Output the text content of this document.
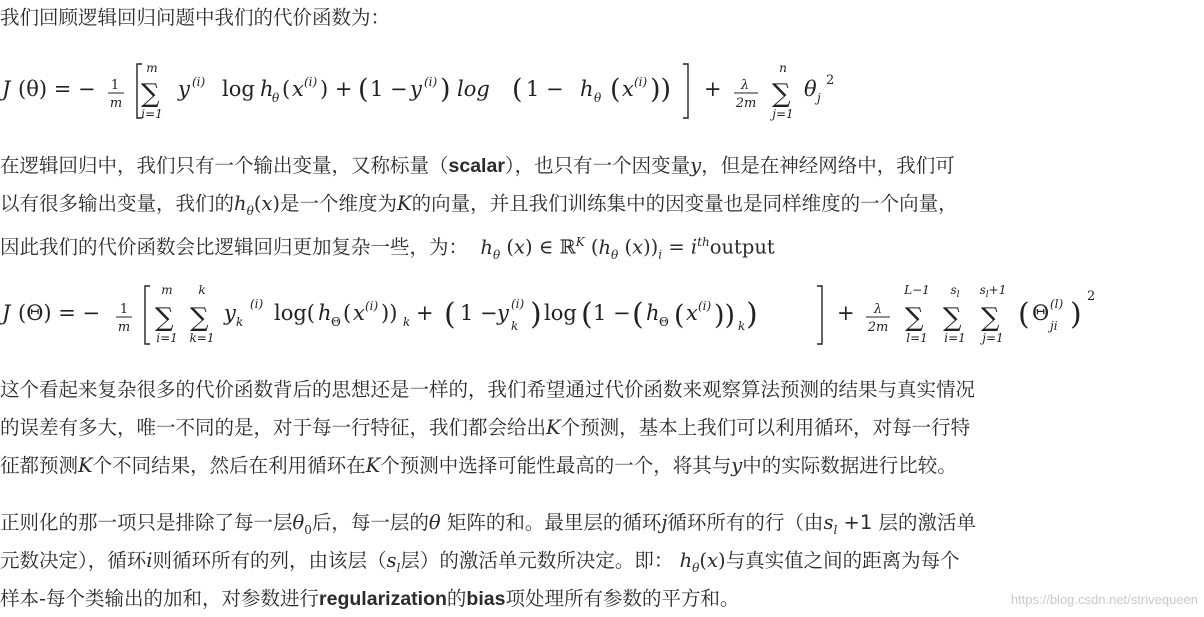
我们回顾逻辑回归问题中我们的代价函数为：
J (θ) = − 1
m
m
∑
i=1
y (i) log h
θ ( x (i) ) + ( 1 − y (i) ) log ( 1 − h θ ( x (i) )) + λ
2m
n
∑
j=1
θ j
2
在逻辑回归中，我们只有一个输出变量，又称标量（scalar），也只有一个因变量y，但是在神经网络中，我们可
以有很多输出变量，我们的$h_\theta(x)$是一个维度为K的向量，并且我们训练集中的因变量也是同样维度的一个向量，
因此我们的代价函数会比逻辑回归更加复杂一些，为： $h_\theta$ (x) ∈ ℝ$^K$ ($h_\theta$ $(x))_i$ = $i^{th}output$
J (Θ) = − 1
m
m
∑
i=1
k
∑
k=1
y k
(i) log( h Θ ( x (i) )) k + ( 1 − y (i)
k ) log ( 1 − ( h Θ ( x (i) )) k )	+ λ
2m
L−1
∑
l=1
$s_l$
∑
i=1
$s_l+1$
∑
j=1
( Θ (l)
ji )
2
这个看起来复杂很多的代价函数背后的思想还是一样的，我们希望通过代价函数来观察算法预测的结果与真实情况
的误差有多大，唯一不同的是，对于每一行特征，我们都会给出K个预测，基本上我们可以利用循环，对每一行特
征都预测K个不同结果，然后在利用循环在K个预测中选择可能性最高的一个，将其与y中的实际数据进行比较。
正则化的那一项只是排除了每一层$\theta_0$后，每一层的θ 矩阵的和。最里层的循环j循环所有的行（由$s_l +1$ 层的激活单
元数决定），循环i则循环所有的列，由该层（$s_l$层）的激活单元数所决定。即： $h_\theta(x)$与真实值之间的距离为每个
样本-每个类输出的加和，对参数进行regularization的bias项处理所有参数的平方和。	https://blog.csdn.net/strivequeen
